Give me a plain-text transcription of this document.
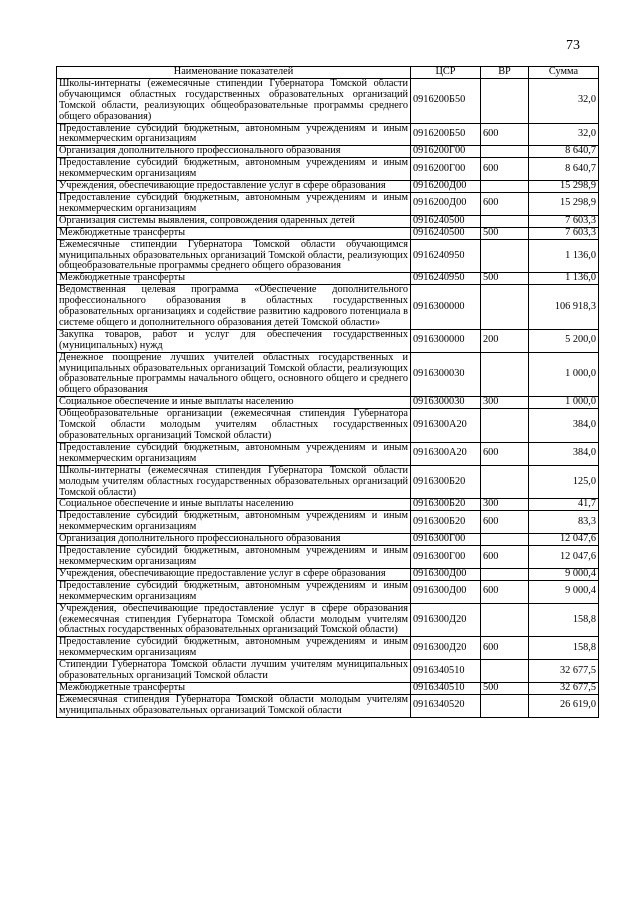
73
Наименование показателей	ЦСР	ВР	Сумма
Школы-интернаты (ежемесячные стипендии Губернатора Томской области обучающимся областных государственных образовательных организаций Томской области, реализующих общеобразовательные программы среднего общего образования)	0916200Б50		32,0
Предоставление субсидий бюджетным, автономным учреждениям и иным некоммерческим организациям	0916200Б50	600	32,0
Организация дополнительного профессионального образования	0916200Г00		8 640,7
Предоставление субсидий бюджетным, автономным учреждениям и иным некоммерческим организациям	0916200Г00	600	8 640,7
Учреждения, обеспечивающие предоставление услуг в сфере образования	0916200Д00		15 298,9
Предоставление субсидий бюджетным, автономным учреждениям и иным некоммерческим организациям	0916200Д00	600	15 298,9
Организация системы выявления, сопровождения одаренных детей	0916240500		7 603,3
Межбюджетные трансферты	0916240500	500	7 603,3
Ежемесячные стипендии Губернатора Томской области обучающимся муниципальных образовательных организаций Томской области, реализующих общеобразовательные программы среднего общего образования	0916240950		1 136,0
Межбюджетные трансферты	0916240950	500	1 136,0
Ведомственная целевая программа «Обеспечение дополнительного профессионального образования в областных государственных образовательных организациях и содействие развитию кадрового потенциала в системе общего и дополнительного образования детей Томской области»	0916300000		106 918,3
Закупка товаров, работ и услуг для обеспечения государственных (муниципальных) нужд	0916300000	200	5 200,0
Денежное поощрение лучших учителей областных государственных и муниципальных образовательных организаций Томской области, реализующих образовательные программы начального общего, основного общего и среднего общего образования	0916300030		1 000,0
Социальное обеспечение и иные выплаты населению	0916300030	300	1 000,0
Общеобразовательные организации (ежемесячная стипендия Губернатора Томской области молодым учителям областных государственных образовательных организаций Томской области)	0916300А20		384,0
Предоставление субсидий бюджетным, автономным учреждениям и иным некоммерческим организациям	0916300А20	600	384,0
Школы-интернаты (ежемесячная стипендия Губернатора Томской области молодым учителям областных государственных образовательных организаций Томской области)	0916300Б20		125,0
Социальное обеспечение и иные выплаты населению	0916300Б20	300	41,7
Предоставление субсидий бюджетным, автономным учреждениям и иным некоммерческим организациям	0916300Б20	600	83,3
Организация дополнительного профессионального образования	0916300Г00		12 047,6
Предоставление субсидий бюджетным, автономным учреждениям и иным некоммерческим организациям	0916300Г00	600	12 047,6
Учреждения, обеспечивающие предоставление услуг в сфере образования	0916300Д00		9 000,4
Предоставление субсидий бюджетным, автономным учреждениям и иным некоммерческим организациям	0916300Д00	600	9 000,4
Учреждения, обеспечивающие предоставление услуг в сфере образования (ежемесячная стипендия Губернатора Томской области молодым учителям областных государственных образовательных организаций Томской области)	0916300Д20		158,8
Предоставление субсидий бюджетным, автономным учреждениям и иным некоммерческим организациям	0916300Д20	600	158,8
Стипендии Губернатора Томской области лучшим учителям муниципальных образовательных организаций Томской области	0916340510		32 677,5
Межбюджетные трансферты	0916340510	500	32 677,5
Ежемесячная стипендия Губернатора Томской области молодым учителям муниципальных образовательных организаций Томской области	0916340520		26 619,0
